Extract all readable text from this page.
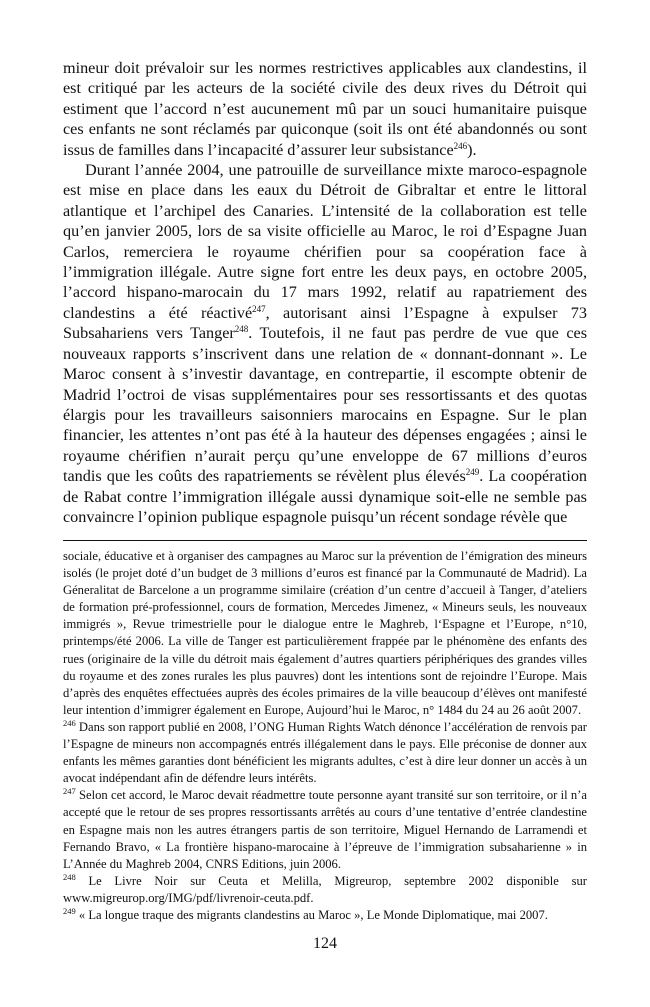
mineur doit prévaloir sur les normes restrictives applicables aux clandestins, il est critiqué par les acteurs de la société civile des deux rives du Détroit qui estiment que l’accord n’est aucunement mû par un souci humanitaire puisque ces enfants ne sont réclamés par quiconque (soit ils ont été abandonnés ou sont issus de familles dans l’incapacité d’assurer leur subsistance$^{246}$).

Durant l’année 2004, une patrouille de surveillance mixte maroco-espagnole est mise en place dans les eaux du Détroit de Gibraltar et entre le littoral atlantique et l’archipel des Canaries. L’intensité de la collaboration est telle qu’en janvier 2005, lors de sa visite officielle au Maroc, le roi d’Espagne Juan Carlos, remerciera le royaume chérifien pour sa coopération face à l’immigration illégale. Autre signe fort entre les deux pays, en octobre 2005, l’accord hispano-marocain du 17 mars 1992, relatif au rapatriement des clandestins a été réactivé$^{247}$, autorisant ainsi l’Espagne à expulser 73 Subsahariens vers Tanger$^{248}$. Toutefois, il ne faut pas perdre de vue que ces nouveaux rapports s’inscrivent dans une relation de « donnant-donnant ». Le Maroc consent à s’investir davantage, en contrepartie, il escompte obtenir de Madrid l’octroi de visas supplémentaires pour ses ressortissants et des quotas élargis pour les travailleurs saisonniers marocains en Espagne. Sur le plan financier, les attentes n’ont pas été à la hauteur des dépenses engagées ; ainsi le royaume chérifien n’aurait perçu qu’une enveloppe de 67 millions d’euros tandis que les coûts des rapatriements se révèlent plus élevés$^{249}$. La coopération de Rabat contre l’immigration illégale aussi dynamique soit-elle ne semble pas convaincre l’opinion publique espagnole puisqu’un récent sondage révèle que

sociale, éducative et à organiser des campagnes au Maroc sur la prévention de l’émigration des mineurs isolés (le projet doté d’un budget de 3 millions d’euros est financé par la Communauté de Madrid). La Géneralitat de Barcelone a un programme similaire (création d’un centre d’accueil à Tanger, d’ateliers de formation pré-professionnel, cours de formation, Mercedes Jimenez, « Mineurs seuls, les nouveaux immigrés », Revue trimestrielle pour le dialogue entre le Maghreb, l‘Espagne et l’Europe, n°10, printemps/été 2006. La ville de Tanger est particulièrement frappée par le phénomène des enfants des rues (originaire de la ville du détroit mais également d’autres quartiers périphériques des grandes villes du royaume et des zones rurales les plus pauvres) dont les intentions sont de rejoindre l’Europe. Mais d’après des enquêtes effectuées auprès des écoles primaires de la ville beaucoup d’élèves ont manifesté leur intention d’immigrer également en Europe, Aujourd’hui le Maroc, n° 1484 du 24 au 26 août 2007.

$^{246}$ Dans son rapport publié en 2008, l’ONG Human Rights Watch dénonce l’accélération de renvois par l’Espagne de mineurs non accompagnés entrés illégalement dans le pays. Elle préconise de donner aux enfants les mêmes garanties dont bénéficient les migrants adultes, c’est à dire leur donner un accès à un avocat indépendant afin de défendre leurs intérêts.

$^{247}$ Selon cet accord, le Maroc devait réadmettre toute personne ayant transité sur son territoire, or il n’a accepté que le retour de ses propres ressortissants arrêtés au cours d’une tentative d’entrée clandestine en Espagne mais non les autres étrangers partis de son territoire, Miguel Hernando de Larramendi et Fernando Bravo, « La frontière hispano-marocaine à l’épreuve de l’immigration subsaharienne » in L’Année du Maghreb 2004, CNRS Editions, juin 2006.

$^{248}$ Le Livre Noir sur Ceuta et Melilla, Migreurop, septembre 2002 disponible sur www.migreurop.org/IMG/pdf/livrenoir-ceuta.pdf.

$^{249}$ « La longue traque des migrants clandestins au Maroc », Le Monde Diplomatique, mai 2007.

124
